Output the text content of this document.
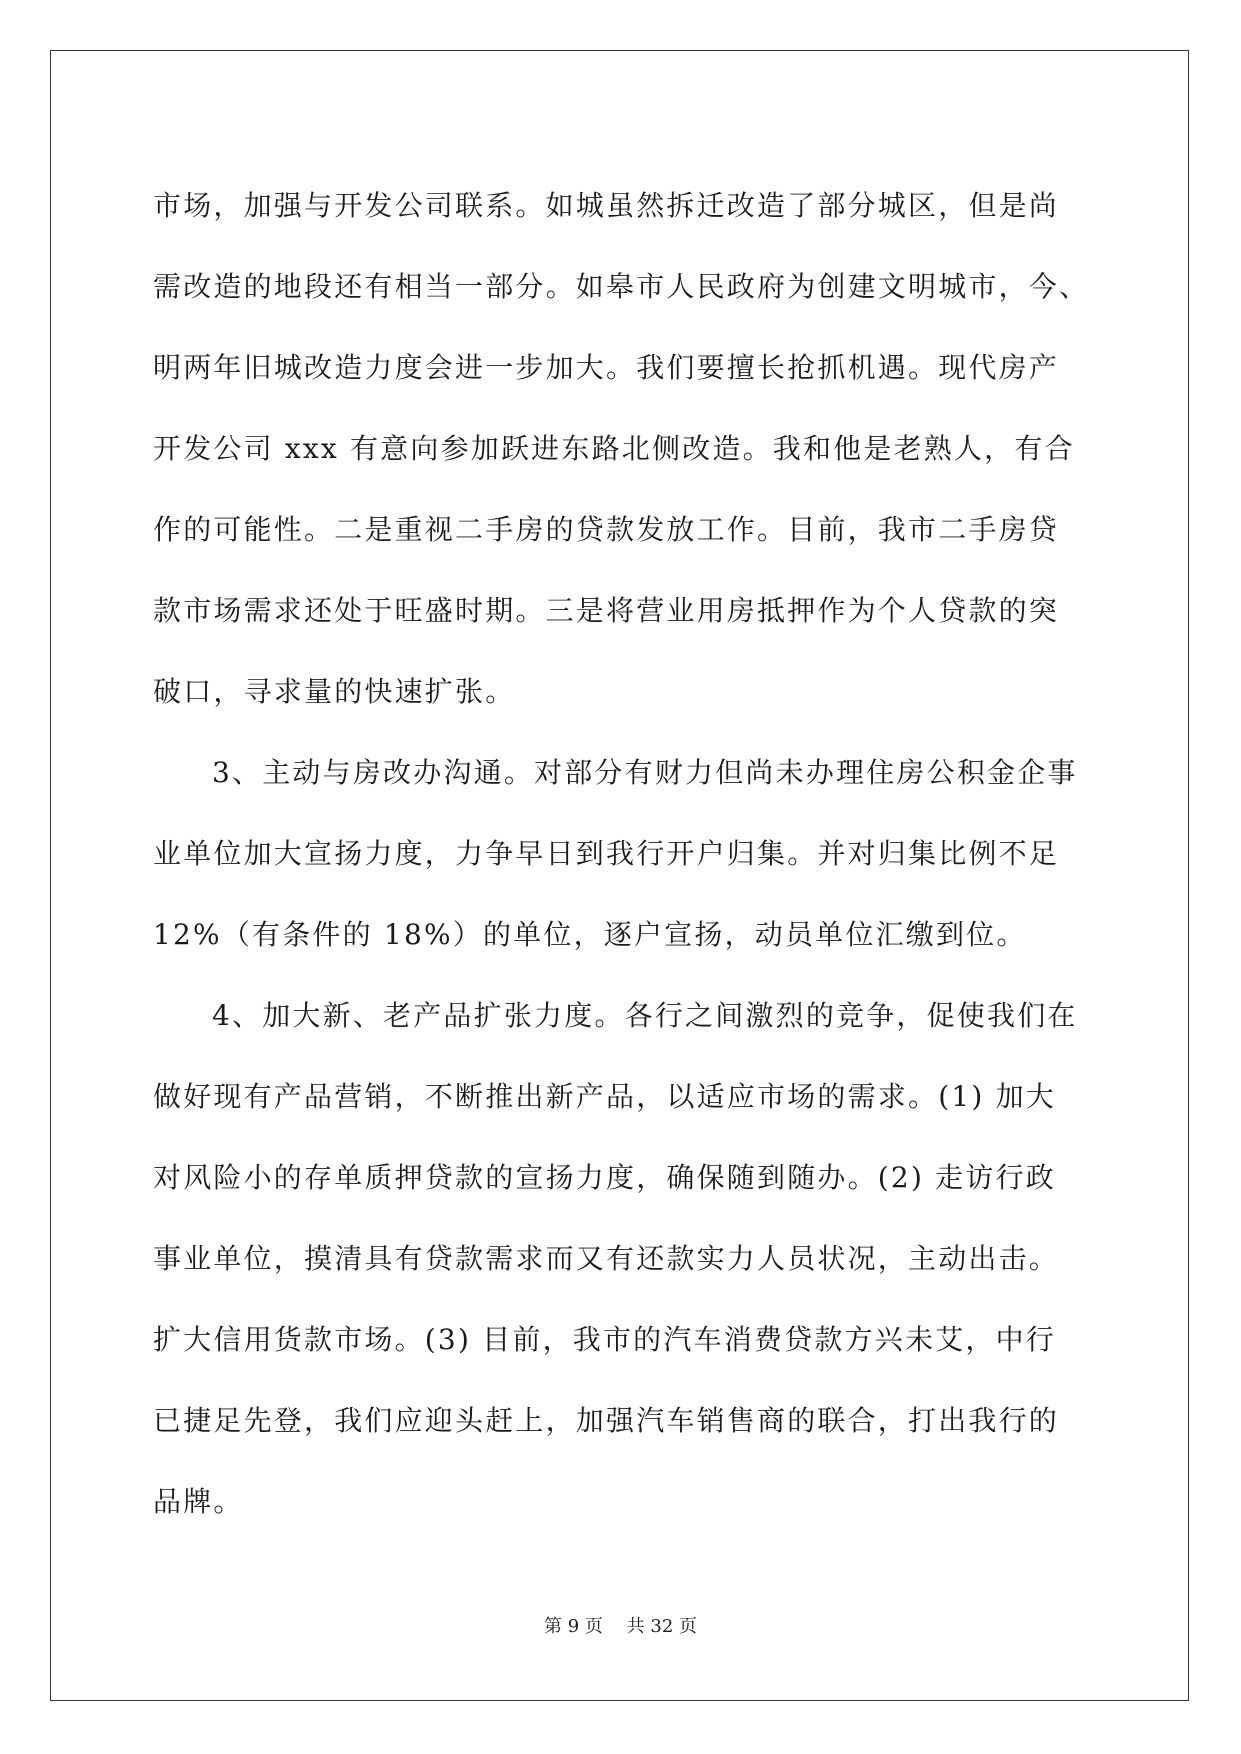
市场，加强与开发公司联系。如城虽然拆迁改造了部分城区，但是尚
需改造的地段还有相当一部分。如皋市人民政府为创建文明城市，今、
明两年旧城改造力度会进一步加大。我们要擅长抢抓机遇。现代房产
开发公司 xxx 有意向参加跃进东路北侧改造。我和他是老熟人，有合
作的可能性。二是重视二手房的贷款发放工作。目前，我市二手房贷
款市场需求还处于旺盛时期。三是将营业用房抵押作为个人贷款的突
破口，寻求量的快速扩张。
3、主动与房改办沟通。对部分有财力但尚未办理住房公积金企事
业单位加大宣扬力度，力争早日到我行开户归集。并对归集比例不足
12%（有条件的 18%）的单位，逐户宣扬，动员单位汇缴到位。
4、加大新、老产品扩张力度。各行之间激烈的竞争，促使我们在
做好现有产品营销，不断推出新产品，以适应市场的需求。(1) 加大
对风险小的存单质押贷款的宣扬力度，确保随到随办。(2) 走访行政
事业单位，摸清具有贷款需求而又有还款实力人员状况，主动出击。
扩大信用货款市场。(3) 目前，我市的汽车消费贷款方兴未艾，中行
已捷足先登，我们应迎头赶上，加强汽车销售商的联合，打出我行的
品牌。
第 9 页 共 32 页
